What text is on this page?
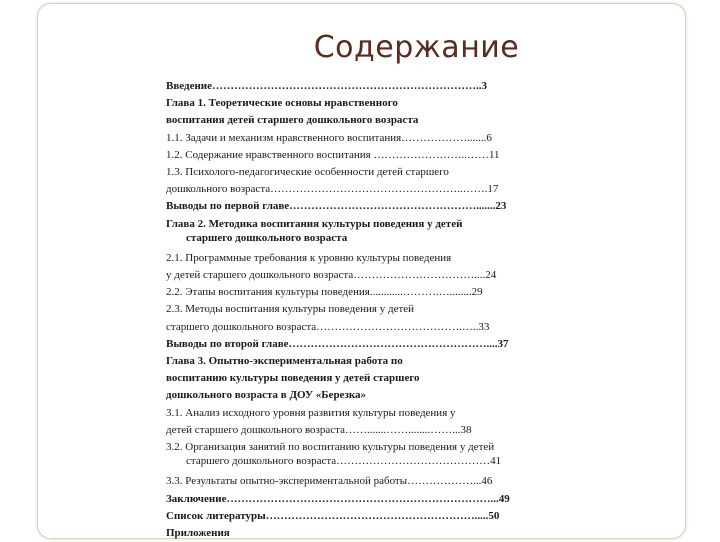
Содержание
Введение………………………………………………………………..3
Глава 1. Теоретические основы нравственного
воспитания детей старшего дошкольного возраста
1.1. Задачи и механизм нравственного воспитания……………….......6
1.2. Содержание нравственного воспитания ……………………..……11
1.3. Психолого-педагогические особенности детей старшего
дошкольного возраста……………………………………………..…….17
Выводы по первой главе…………………………………………….......23
Глава 2. Методика воспитания культуры поведения у детей
старшего дошкольного возраста
2.1. Программные требования к уровню культуры поведения
у детей старшего дошкольного возраста……………………………....24
2.2. Этапы воспитания культуры поведения............……….…........29
2.3. Методы воспитания культуры поведения у детей
старшего дошкольного возраста………………………………….…..33
Выводы по второй главе………………………………………………....37
Глава 3. Опытно-экспериментальная работа по
воспитанию культуры поведения у детей старшего
дошкольного возраста в ДОУ «Березка»
3.1. Анализ исходного уровня развития культуры поведения у
детей старшего дошкольного возраста…….......……........……...38
3.2. Организация занятий по воспитанию культуры поведения у детей
старшего дошкольного возраста……………………………………41
3.3. Результаты опытно-экспериментальной работы………………...46
Заключение………………………………………………………………...49
Список литературы………………………………………………….....50
Приложения
